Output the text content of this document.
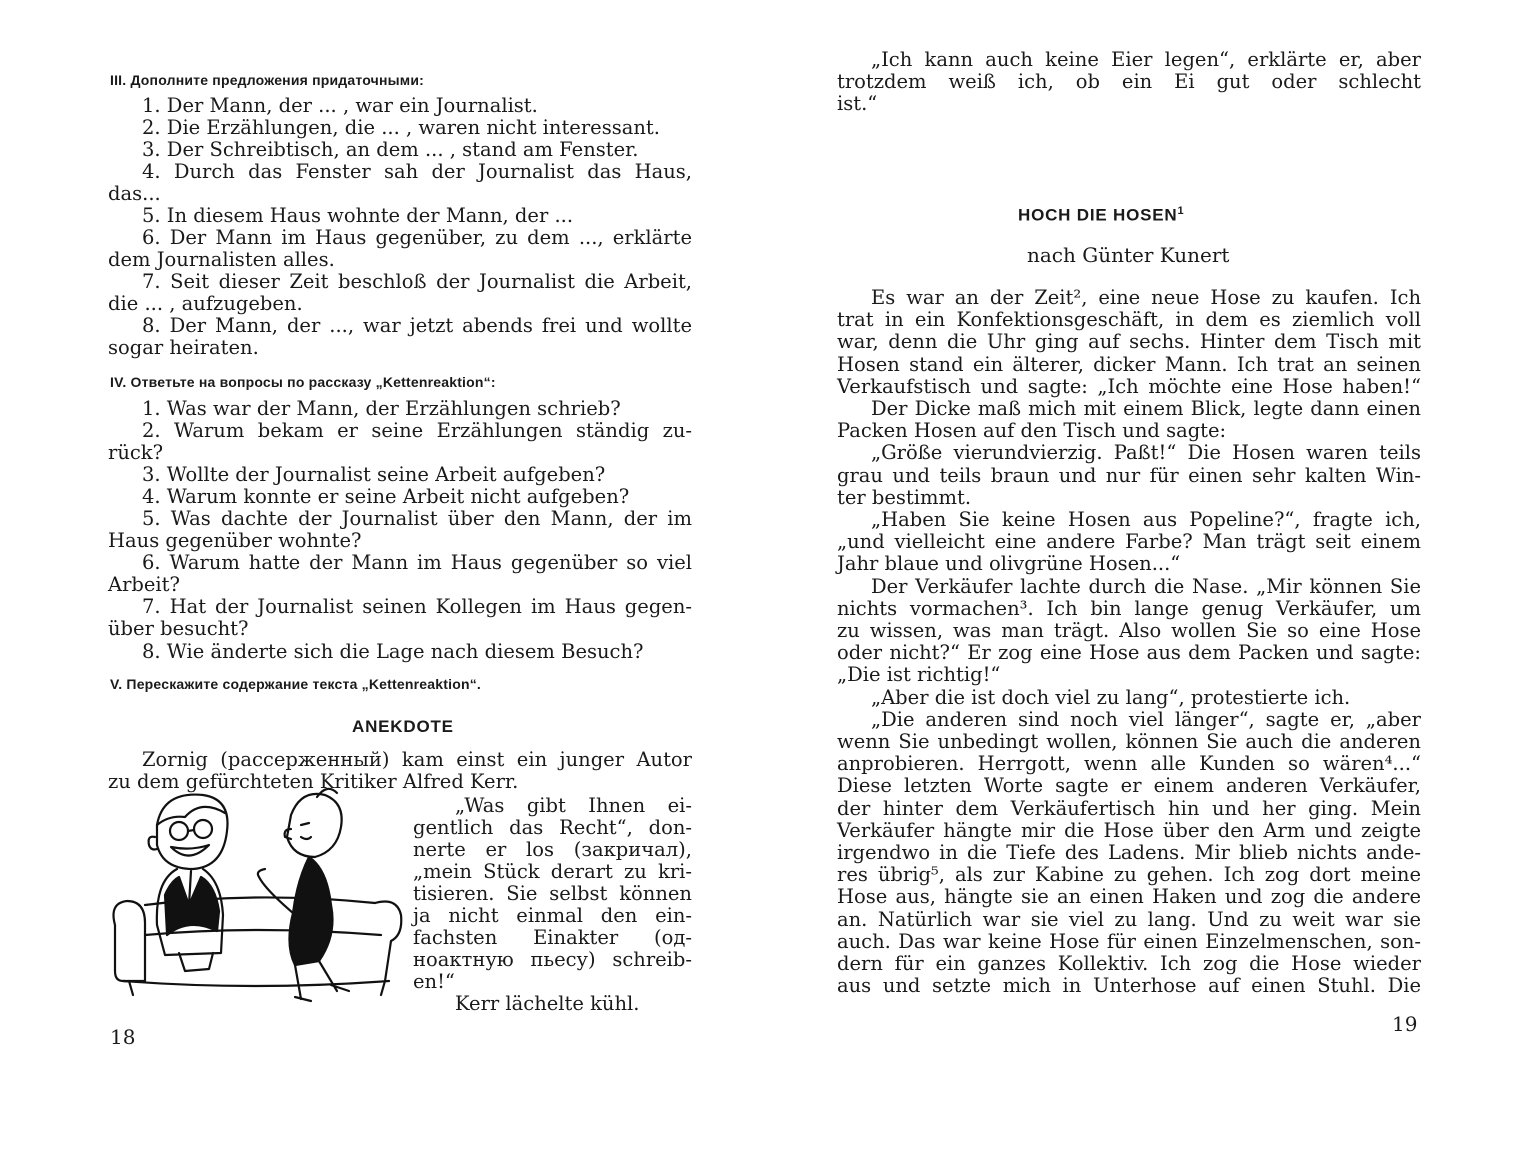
III. Дополните предложения придаточными:
1. Der Mann, der ... , war ein Journalist.
2. Die Erzählungen, die ... , waren nicht interessant.
3. Der Schreibtisch, an dem ... , stand am Fenster.
4. Durch das Fenster sah der Journalist das Haus,
das...
5. In diesem Haus wohnte der Mann, der ...
6. Der Mann im Haus gegenüber, zu dem ..., erklärte
dem Journalisten alles.
7. Seit dieser Zeit beschloß der Journalist die Arbeit,
die ... , aufzugeben.
8. Der Mann, der ..., war jetzt abends frei und wollte
sogar heiraten.
IV. Ответьте на вопросы по рассказу „Kettenreaktion“:
1. Was war der Mann, der Erzählungen schrieb?
2. Warum bekam er seine Erzählungen ständig zu-
rück?
3. Wollte der Journalist seine Arbeit aufgeben?
4. Warum konnte er seine Arbeit nicht aufgeben?
5. Was dachte der Journalist über den Mann, der im
Haus gegenüber wohnte?
6. Warum hatte der Mann im Haus gegenüber so viel
Arbeit?
7. Hat der Journalist seinen Kollegen im Haus gegen-
über besucht?
8. Wie änderte sich die Lage nach diesem Besuch?
V. Перескажите содержание текста „Kettenreaktion“.
ANEKDOTE
Zornig (рассерженный) kam einst ein junger Autor
zu dem gefürchteten Kritiker Alfred Kerr.
„Was gibt Ihnen ei-
gentlich das Recht“, don-
nerte er los (закричал),
„mein Stück derart zu kri-
tisieren. Sie selbst können
ja nicht einmal den ein-
fachsten Einakter (од-
ноактную пьесу) schreib-
en!“
Kerr lächelte kühl.
18
„Ich kann auch keine Eier legen“, erklärte er, aber
trotzdem weiß ich, ob ein Ei gut oder schlecht
ist.“
HOCH DIE HOSEN$^1$
nach Günter Kunert
Es war an der Zeit², eine neue Hose zu kaufen. Ich
trat in ein Konfektionsgeschäft, in dem es ziemlich voll
war, denn die Uhr ging auf sechs. Hinter dem Tisch mit
Hosen stand ein älterer, dicker Mann. Ich trat an seinen
Verkaufstisch und sagte: „Ich möchte eine Hose haben!“
Der Dicke maß mich mit einem Blick, legte dann einen
Packen Hosen auf den Tisch und sagte:
„Größe vierundvierzig. Paßt!“ Die Hosen waren teils
grau und teils braun und nur für einen sehr kalten Win-
ter bestimmt.
„Haben Sie keine Hosen aus Popeline?“, fragte ich,
„und vielleicht eine andere Farbe? Man trägt seit einem
Jahr blaue und olivgrüne Hosen...“
Der Verkäufer lachte durch die Nase. „Mir können Sie
nichts vormachen³. Ich bin lange genug Verkäufer, um
zu wissen, was man trägt. Also wollen Sie so eine Hose
oder nicht?“ Er zog eine Hose aus dem Packen und sagte:
„Die ist richtig!“
„Aber die ist doch viel zu lang“, protestierte ich.
„Die anderen sind noch viel länger“, sagte er, „aber
wenn Sie unbedingt wollen, können Sie auch die anderen
anprobieren. Herrgott, wenn alle Kunden so wären⁴...“
Diese letzten Worte sagte er einem anderen Verkäufer,
der hinter dem Verkäufertisch hin und her ging. Mein
Verkäufer hängte mir die Hose über den Arm und zeigte
irgendwo in die Tiefe des Ladens. Mir blieb nichts ande-
res übrig⁵, als zur Kabine zu gehen. Ich zog dort meine
Hose aus, hängte sie an einen Haken und zog die andere
an. Natürlich war sie viel zu lang. Und zu weit war sie
auch. Das war keine Hose für einen Einzelmenschen, son-
dern für ein ganzes Kollektiv. Ich zog die Hose wieder
aus und setzte mich in Unterhose auf einen Stuhl. Die
19
